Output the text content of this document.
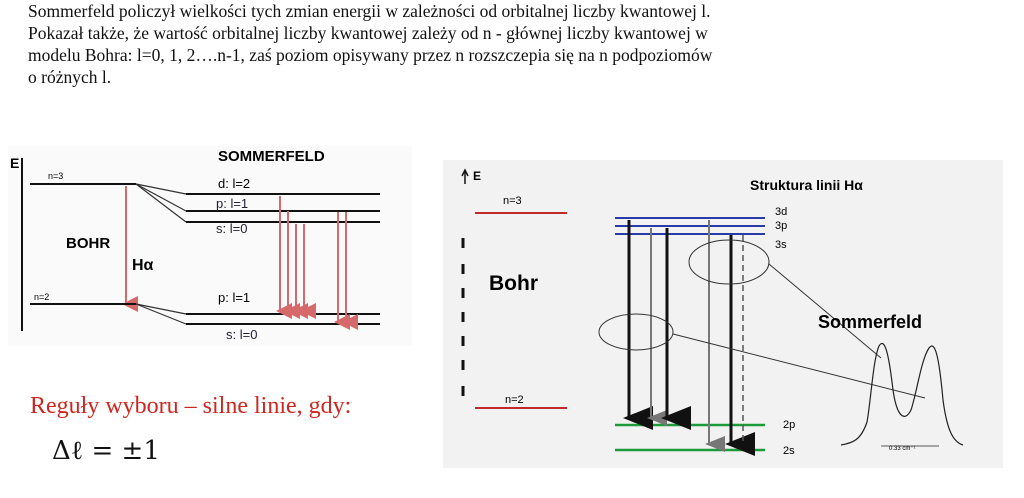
Sommerfeld policzył wielkości tych zmian energii w zależności od orbitalnej liczby kwantowej l.

Pokazał także, że wartość orbitalnej liczby kwantowej zależy od n - głównej liczby kwantowej w

modelu Bohra: l=0, 1, 2….n-1, zaś poziom opisywany przez n rozszczepia się na n podpoziomów

o różnych l.

E	SOMMERFELD
n=3	d: l=2
p: l=1
s: l=0
BOHR
Hα
n=2	p: l=1
s: l=0
E
Struktura linii Hα
n=3
n=2
Bohr
3d
3p
3s
2p
2s
Sommerfeld
0.33 cm⁻¹
Reguły wyboru – silne linie, gdy:
Δℓ = ±1
